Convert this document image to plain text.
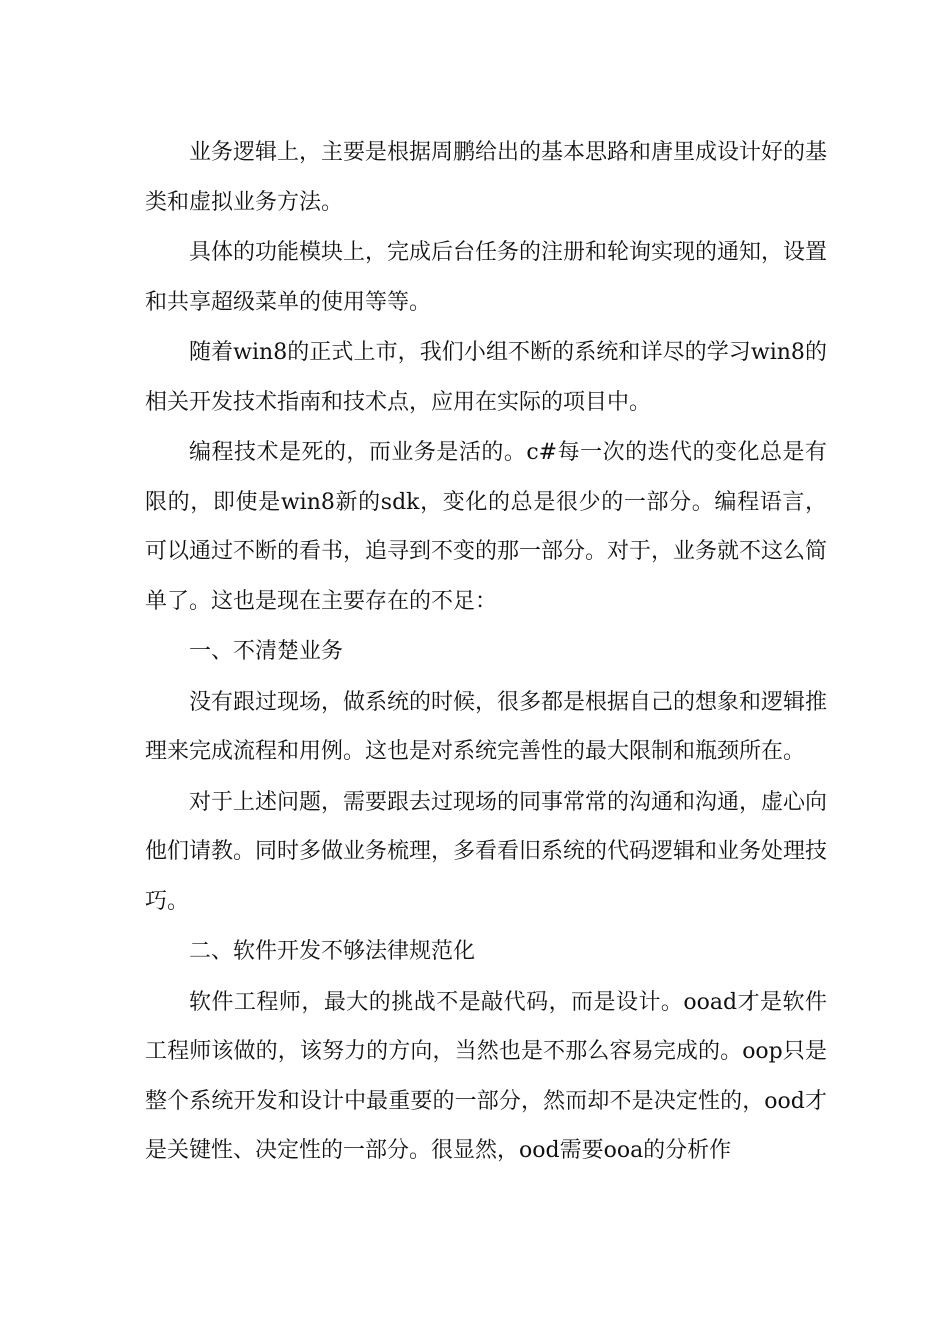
业务逻辑上，主要是根据周鹏给出的基本思路和唐里成设计好的基类和虚拟业务方法。

具体的功能模块上，完成后台任务的注册和轮询实现的通知，设置和共享超级菜单的使用等等。

随着win8的正式上市，我们小组不断的系统和详尽的学习win8的相关开发技术指南和技术点，应用在实际的项目中。

编程技术是死的，而业务是活的。c#每一次的迭代的变化总是有限的，即使是win8新的sdk，变化的总是很少的一部分。编程语言，可以通过不断的看书，追寻到不变的那一部分。对于，业务就不这么简单了。这也是现在主要存在的不足：

一、不清楚业务

没有跟过现场，做系统的时候，很多都是根据自己的想象和逻辑推理来完成流程和用例。这也是对系统完善性的最大限制和瓶颈所在。

对于上述问题，需要跟去过现场的同事常常的沟通和沟通，虚心向他们请教。同时多做业务梳理，多看看旧系统的代码逻辑和业务处理技巧。

二、软件开发不够法律规范化

软件工程师，最大的挑战不是敲代码，而是设计。ooad才是软件工程师该做的，该努力的方向，当然也是不那么容易完成的。oop只是整个系统开发和设计中最重要的一部分，然而却不是决定性的，ood才是关键性、决定性的一部分。很显然，ood需要ooa的分析作
